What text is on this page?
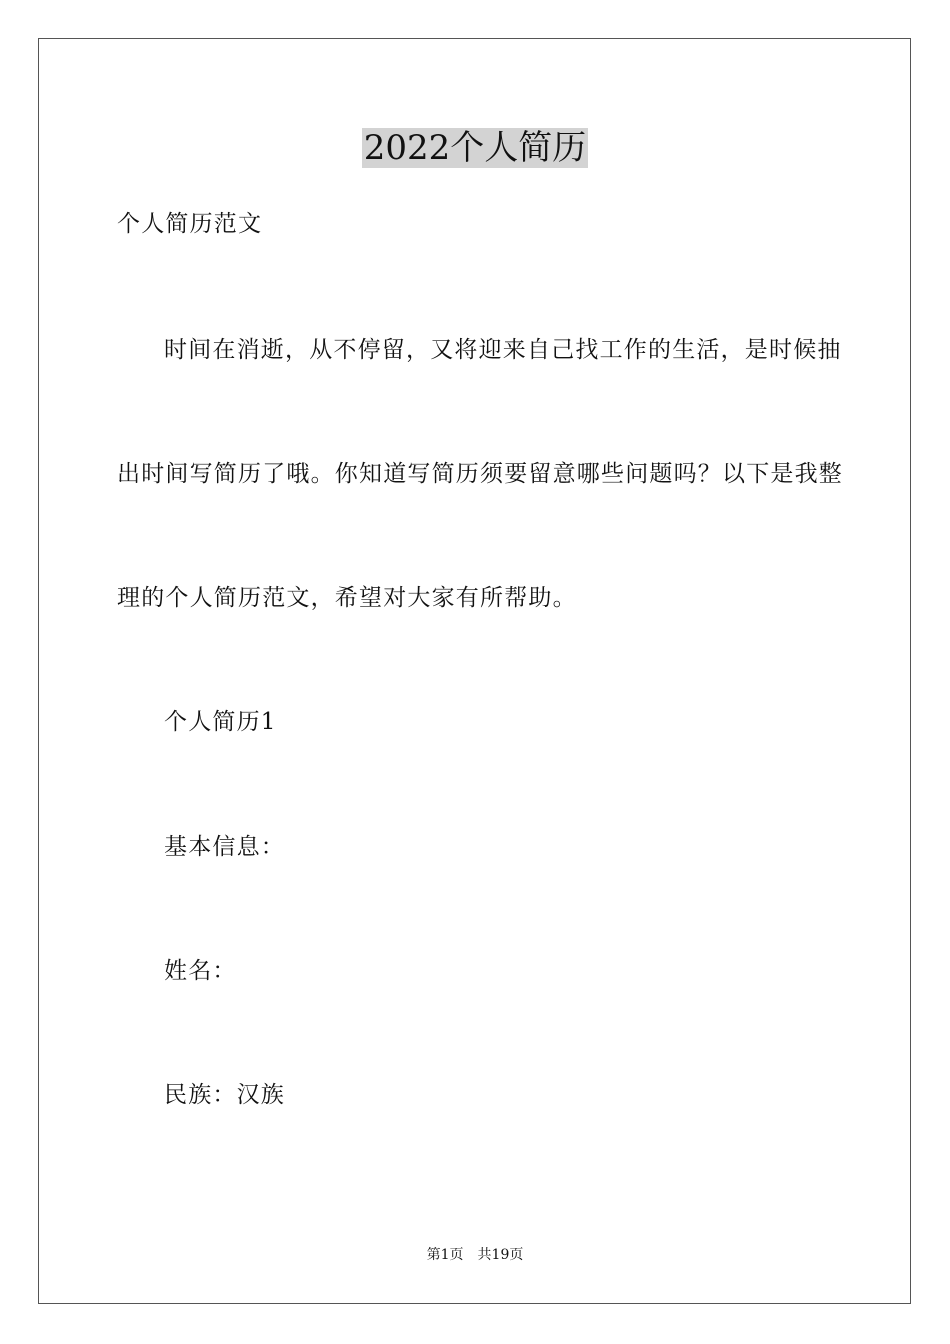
2022个人简历

个人简历范文

时间在消逝，从不停留，又将迎来自己找工作的生活，是时候抽

出时间写简历了哦。你知道写简历须要留意哪些问题吗？以下是我整

理的个人简历范文，希望对大家有所帮助。

个人简历1

基本信息：

姓名：

民族：汉族

第1页 共19页
